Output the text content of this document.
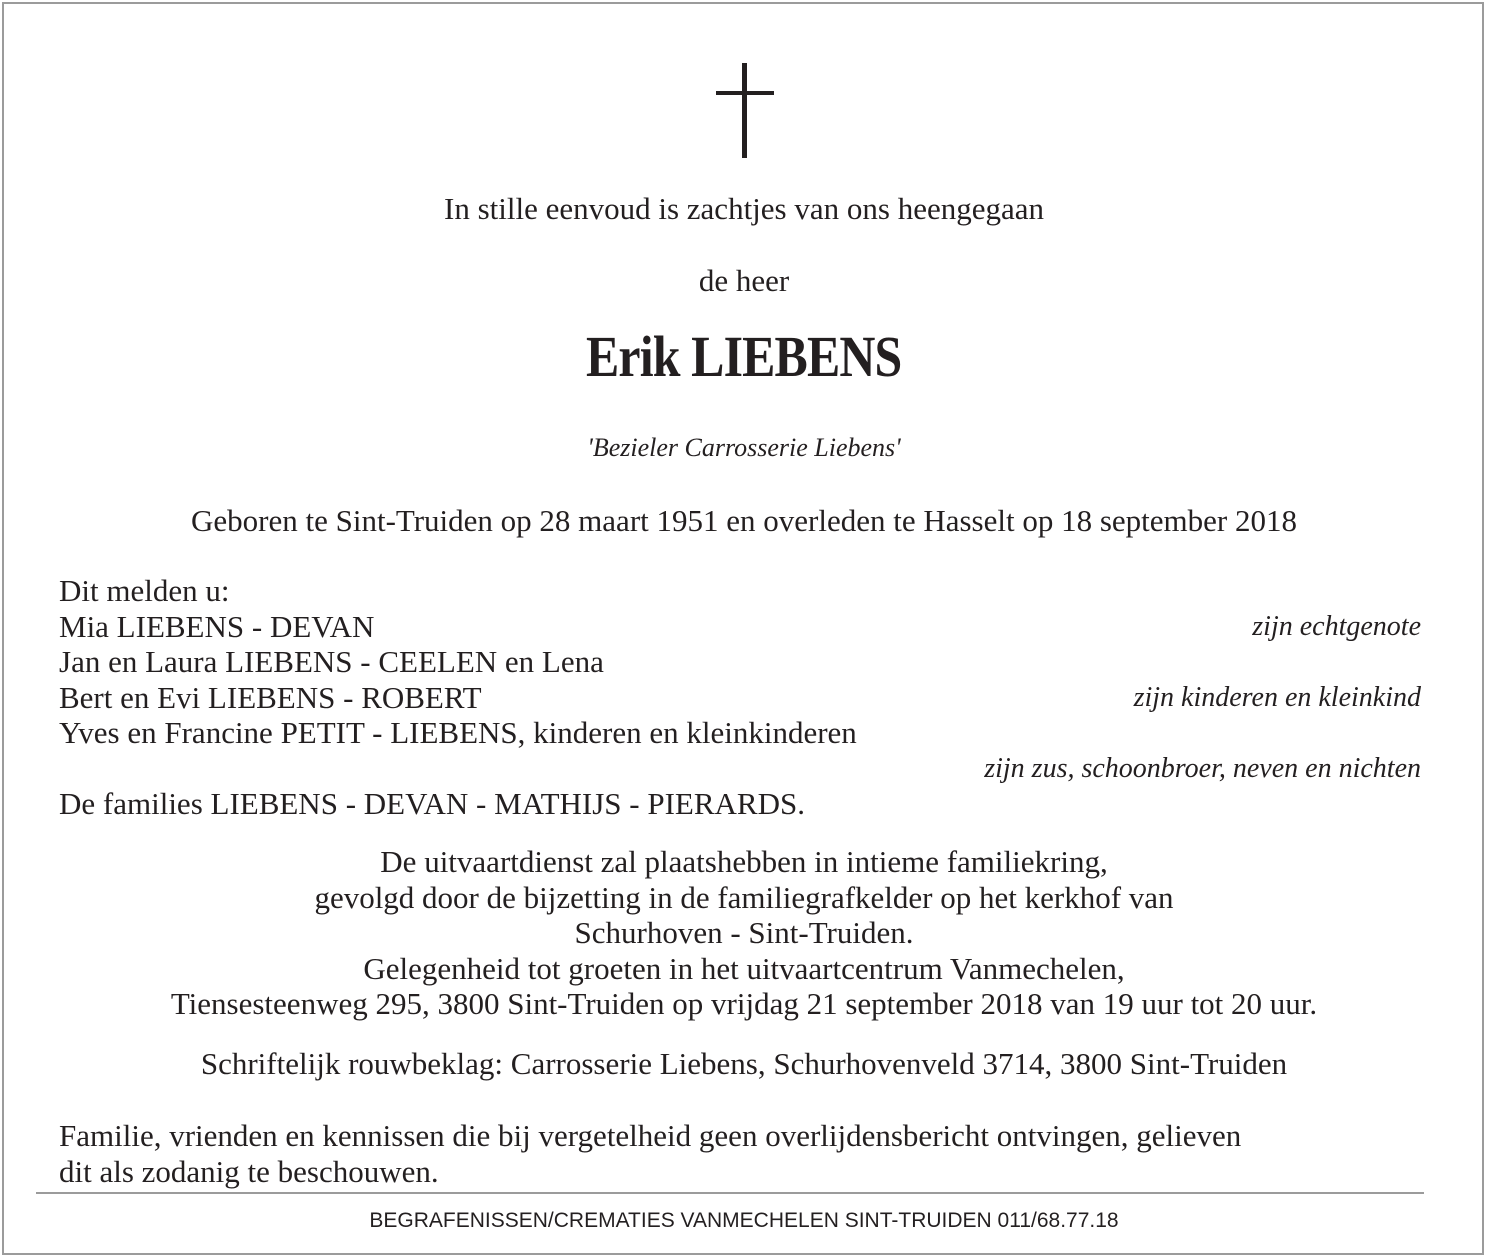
In stille eenvoud is zachtjes van ons heengegaan
de heer
Erik LIEBENS
'Bezieler Carrosserie Liebens'
Geboren te Sint-Truiden op 28 maart 1951 en overleden te Hasselt op 18 september 2018
Dit melden u:
Mia LIEBENS - DEVAN	zijn echtgenote
Jan en Laura LIEBENS - CEELEN en Lena
Bert en Evi LIEBENS - ROBERT	zijn kinderen en kleinkind
Yves en Francine PETIT - LIEBENS, kinderen en kleinkinderen
zijn zus, schoonbroer, neven en nichten
De families LIEBENS - DEVAN - MATHIJS - PIERARDS.
De uitvaartdienst zal plaatshebben in intieme familiekring,
gevolgd door de bijzetting in de familiegrafkelder op het kerkhof van
Schurhoven - Sint-Truiden.
Gelegenheid tot groeten in het uitvaartcentrum Vanmechelen,
Tiensesteenweg 295, 3800 Sint-Truiden op vrijdag 21 september 2018 van 19 uur tot 20 uur.
Schriftelijk rouwbeklag: Carrosserie Liebens, Schurhovenveld 3714, 3800 Sint-Truiden
Familie, vrienden en kennissen die bij vergetelheid geen overlijdensbericht ontvingen, gelieven
dit als zodanig te beschouwen.
BEGRAFENISSEN/CREMATIES VANMECHELEN SINT-TRUIDEN 011/68.77.18
